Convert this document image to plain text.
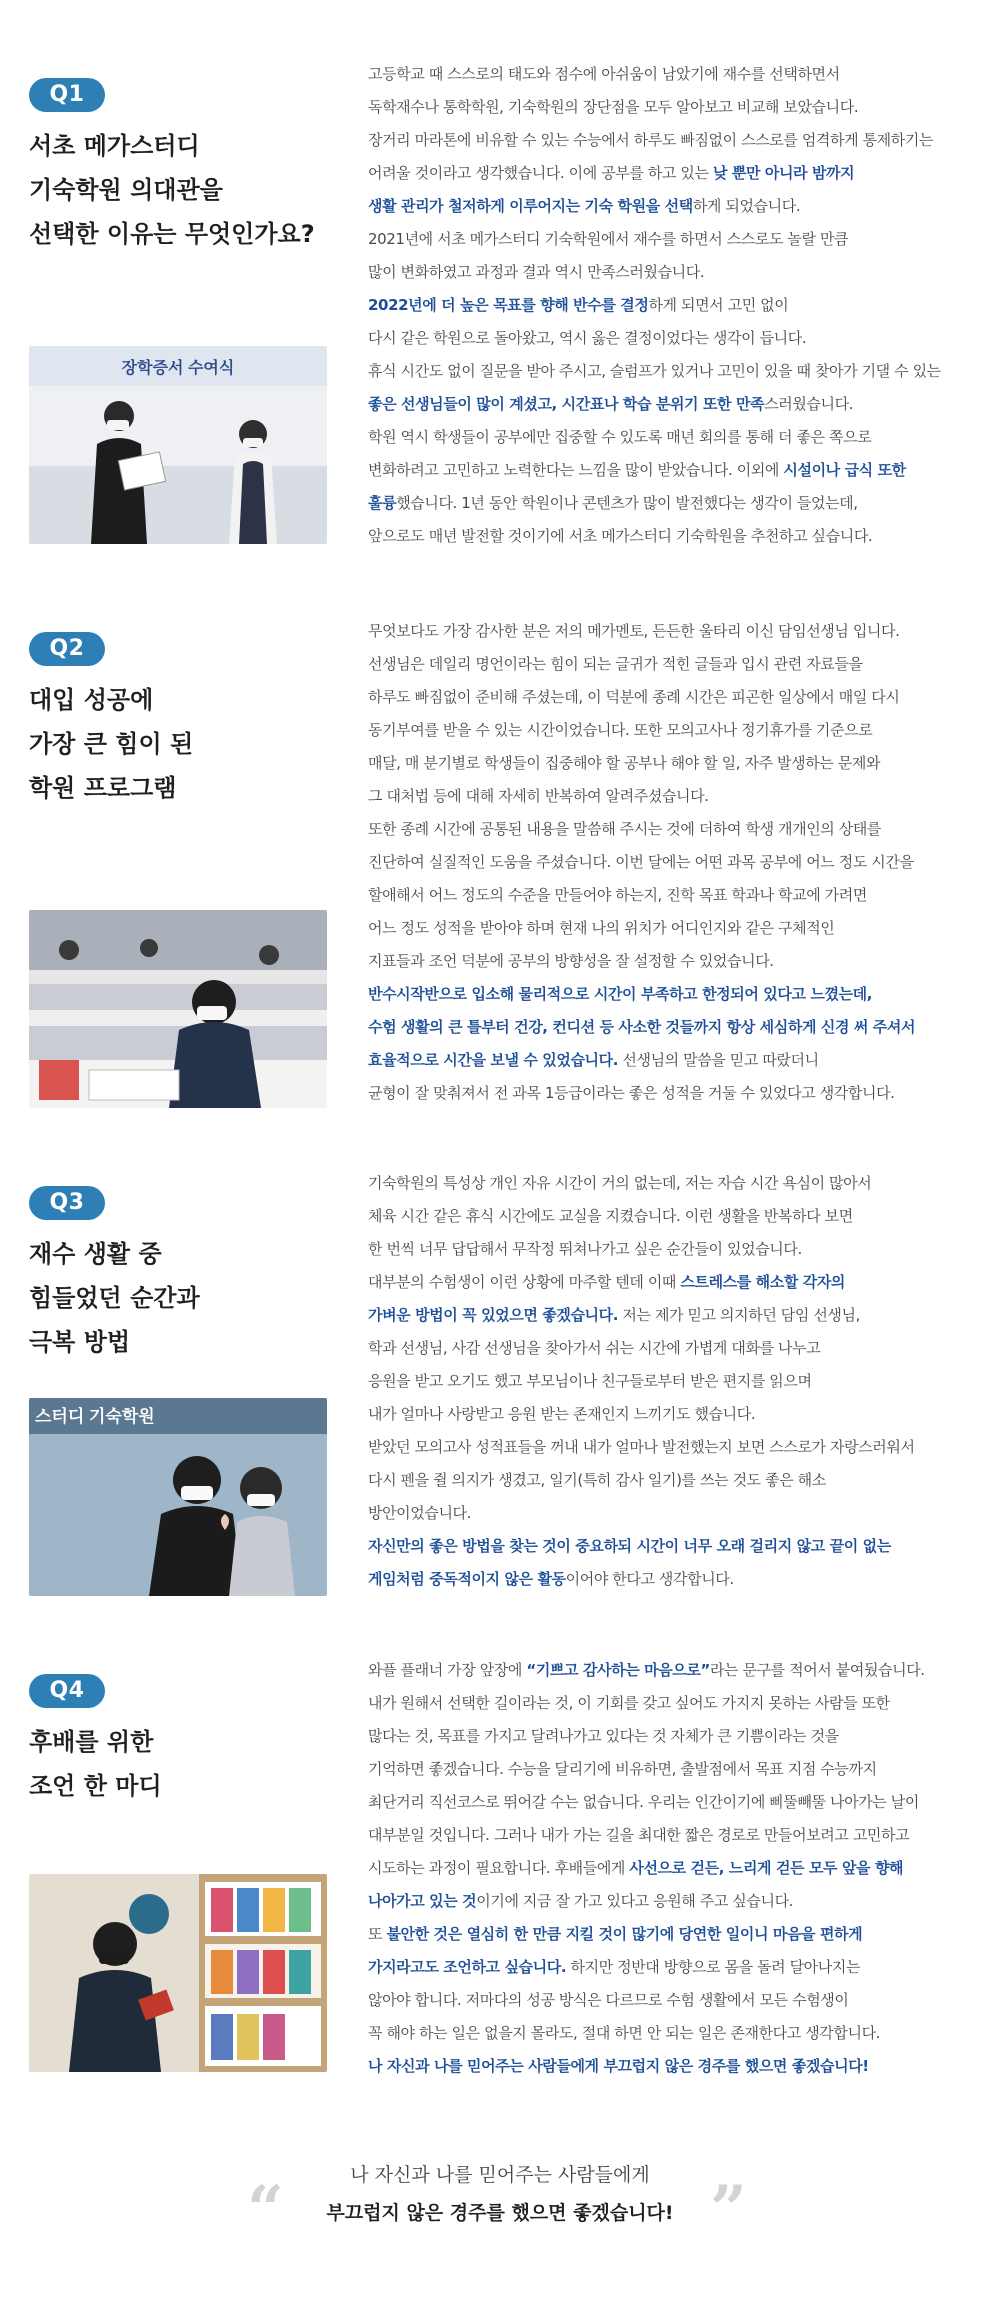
Q1
서초 메가스터디
기숙학원 의대관을
선택한 이유는 무엇인가요?
장학증서 수여식
고등학교 때 스스로의 태도와 점수에 아쉬움이 남았기에 재수를 선택하면서
독학재수나 통학학원, 기숙학원의 장단점을 모두 알아보고 비교해 보았습니다.
장거리 마라톤에 비유할 수 있는 수능에서 하루도 빠짐없이 스스로를 엄격하게 통제하기는
어려울 것이라고 생각했습니다. 이에 공부를 하고 있는 낮 뿐만 아니라 밤까지
생활 관리가 철저하게 이루어지는 기숙 학원을 선택하게 되었습니다.
2021년에 서초 메가스터디 기숙학원에서 재수를 하면서 스스로도 놀랄 만큼
많이 변화하였고 과정과 결과 역시 만족스러웠습니다.
2022년에 더 높은 목표를 향해 반수를 결정하게 되면서 고민 없이
다시 같은 학원으로 돌아왔고, 역시 옳은 결정이었다는 생각이 듭니다.
휴식 시간도 없이 질문을 받아 주시고, 슬럼프가 있거나 고민이 있을 때 찾아가 기댈 수 있는
좋은 선생님들이 많이 계셨고, 시간표나 학습 분위기 또한 만족스러웠습니다.
학원 역시 학생들이 공부에만 집중할 수 있도록 매년 회의를 통해 더 좋은 쪽으로
변화하려고 고민하고 노력한다는 느낌을 많이 받았습니다. 이외에 시설이나 급식 또한
훌륭했습니다. 1년 동안 학원이나 콘텐츠가 많이 발전했다는 생각이 들었는데,
앞으로도 매년 발전할 것이기에 서초 메가스터디 기숙학원을 추천하고 싶습니다.
Q2
대입 성공에
가장 큰 힘이 된
학원 프로그램
무엇보다도 가장 감사한 분은 저의 메가멘토, 든든한 울타리 이신 담임선생님 입니다.
선생님은 데일리 명언이라는 힘이 되는 글귀가 적힌 글들과 입시 관련 자료들을
하루도 빠짐없이 준비해 주셨는데, 이 덕분에 종례 시간은 피곤한 일상에서 매일 다시
동기부여를 받을 수 있는 시간이었습니다. 또한 모의고사나 정기휴가를 기준으로
매달, 매 분기별로 학생들이 집중해야 할 공부나 해야 할 일, 자주 발생하는 문제와
그 대처법 등에 대해 자세히 반복하여 알려주셨습니다.
또한 종례 시간에 공통된 내용을 말씀해 주시는 것에 더하여 학생 개개인의 상태를
진단하여 실질적인 도움을 주셨습니다. 이번 달에는 어떤 과목 공부에 어느 정도 시간을
할애해서 어느 정도의 수준을 만들어야 하는지, 진학 목표 학과나 학교에 가려면
어느 정도 성적을 받아야 하며 현재 나의 위치가 어디인지와 같은 구체적인
지표들과 조언 덕분에 공부의 방향성을 잘 설정할 수 있었습니다.
반수시작반으로 입소해 물리적으로 시간이 부족하고 한정되어 있다고 느꼈는데,
수험 생활의 큰 틀부터 건강, 컨디션 등 사소한 것들까지 항상 세심하게 신경 써 주셔서
효율적으로 시간을 보낼 수 있었습니다. 선생님의 말씀을 믿고 따랐더니
균형이 잘 맞춰져서 전 과목 1등급이라는 좋은 성적을 거둘 수 있었다고 생각합니다.
Q3
재수 생활 중
힘들었던 순간과
극복 방법
스터디 기숙학원
기숙학원의 특성상 개인 자유 시간이 거의 없는데, 저는 자습 시간 욕심이 많아서
체육 시간 같은 휴식 시간에도 교실을 지켰습니다. 이런 생활을 반복하다 보면
한 번씩 너무 답답해서 무작정 뛰쳐나가고 싶은 순간들이 있었습니다.
대부분의 수험생이 이런 상황에 마주할 텐데 이때 스트레스를 해소할 각자의
가벼운 방법이 꼭 있었으면 좋겠습니다. 저는 제가 믿고 의지하던 담임 선생님,
학과 선생님, 사감 선생님을 찾아가서 쉬는 시간에 가볍게 대화를 나누고
응원을 받고 오기도 했고 부모님이나 친구들로부터 받은 편지를 읽으며
내가 얼마나 사랑받고 응원 받는 존재인지 느끼기도 했습니다.
받았던 모의고사 성적표들을 꺼내 내가 얼마나 발전했는지 보면 스스로가 자랑스러워서
다시 펜을 쥘 의지가 생겼고, 일기(특히 감사 일기)를 쓰는 것도 좋은 해소
방안이었습니다.
자신만의 좋은 방법을 찾는 것이 중요하되 시간이 너무 오래 걸리지 않고 끝이 없는
게임처럼 중독적이지 않은 활동이어야 한다고 생각합니다.
Q4
후배를 위한
조언 한 마디
와플 플래너 가장 앞장에 “기쁘고 감사하는 마음으로”라는 문구를 적어서 붙여뒀습니다.
내가 원해서 선택한 길이라는 것, 이 기회를 갖고 싶어도 가지지 못하는 사람들 또한
많다는 것, 목표를 가지고 달려나가고 있다는 것 자체가 큰 기쁨이라는 것을
기억하면 좋겠습니다. 수능을 달리기에 비유하면, 출발점에서 목표 지점 수능까지
최단거리 직선코스로 뛰어갈 수는 없습니다. 우리는 인간이기에 삐뚤빼뚤 나아가는 날이
대부분일 것입니다. 그러나 내가 가는 길을 최대한 짧은 경로로 만들어보려고 고민하고
시도하는 과정이 필요합니다. 후배들에게 사선으로 걷든, 느리게 걷든 모두 앞을 향해
나아가고 있는 것이기에 지금 잘 가고 있다고 응원해 주고 싶습니다.
또 불안한 것은 열심히 한 만큼 지킬 것이 많기에 당연한 일이니 마음을 편하게
가지라고도 조언하고 싶습니다. 하지만 정반대 방향으로 몸을 돌려 달아나지는
않아야 합니다. 저마다의 성공 방식은 다르므로 수험 생활에서 모든 수험생이
꼭 해야 하는 일은 없을지 몰라도, 절대 하면 안 되는 일은 존재한다고 생각합니다.
나 자신과 나를 믿어주는 사람들에게 부끄럽지 않은 경주를 했으면 좋겠습니다!
“	나 자신과 나를 믿어주는 사람들에게
부끄럽지 않은 경주를 했으면 좋겠습니다! ”
